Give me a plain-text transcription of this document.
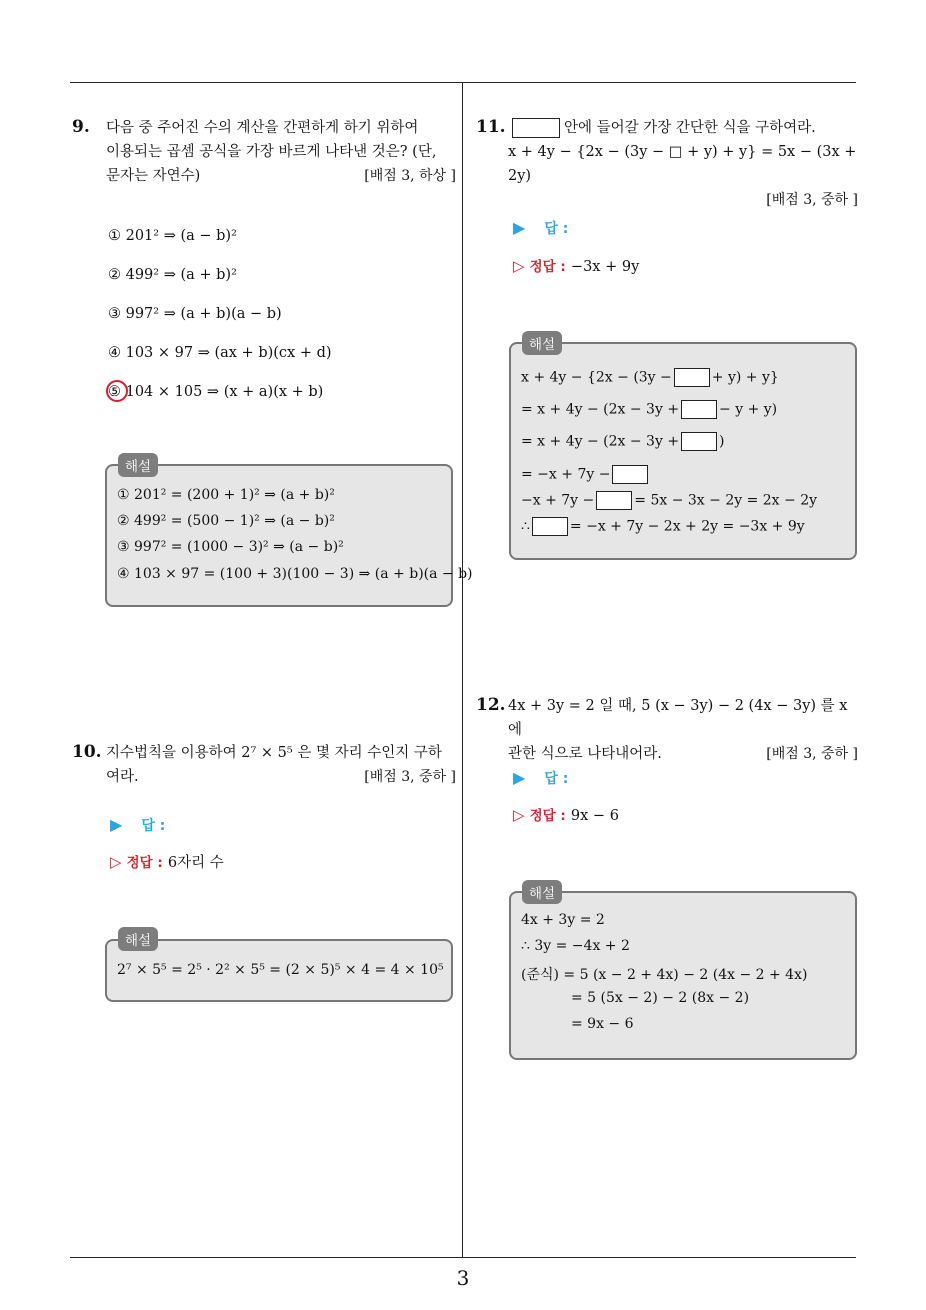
9. 다음 중 주어진 수의 계산을 간편하게 하기 위하여
이용되는 곱셈 공식을 가장 바르게 나타낸 것은? (단,
문자는 자연수)	[배점 3, 하상 ]
① 201² ⇒ (a − b)²
② 499² ⇒ (a + b)²
③ 997² ⇒ (a + b)(a − b)
④ 103 × 97 ⇒ (ax + b)(cx + d)
⑤ 104 × 105 ⇒ (x + a)(x + b)
해설
① 201² = (200 + 1)² ⇒ (a + b)²
② 499² = (500 − 1)² ⇒ (a − b)²
③ 997² = (1000 − 3)² ⇒ (a − b)²
④ 103 × 97 = (100 + 3)(100 − 3) ⇒ (a + b)(a − b)
10. 지수법칙을 이용하여 2⁷ × 5⁵ 은 몇 자리 수인지 구하
여라.	[배점 3, 중하 ]
▶ 답 :
▷ 정답 : 6자리 수
해설
2⁷ × 5⁵ = 2⁵ · 2² × 5⁵ = (2 × 5)⁵ × 4 = 4 × 10⁵
11.	안에 들어갈 가장 간단한 식을 구하여라.
x + 4y − {2x − (3y − □ + y) + y} = 5x − (3x + 2y)
[배점 3, 중하 ]
▶ 답 :
▷ 정답 : −3x + 9y
해설
x + 4y − {2x − (3y −	+ y) + y}
= x + 4y − (2x − 3y +	− y + y)
= x + 4y − (2x − 3y +	)
= −x + 7y −
−x + 7y −	= 5x − 3x − 2y = 2x − 2y
∴	= −x + 7y − 2x + 2y = −3x + 9y
12. 4x + 3y = 2 일 때, 5 (x − 3y) − 2 (4x − 3y) 를 x 에
관한 식으로 나타내어라.	[배점 3, 중하 ]
▶ 답 :
▷ 정답 : 9x − 6
해설
4x + 3y = 2
∴ 3y = −4x + 2
(준식) = 5 (x − 2 + 4x) − 2 (4x − 2 + 4x)
= 5 (5x − 2) − 2 (8x − 2)
= 9x − 6
3
